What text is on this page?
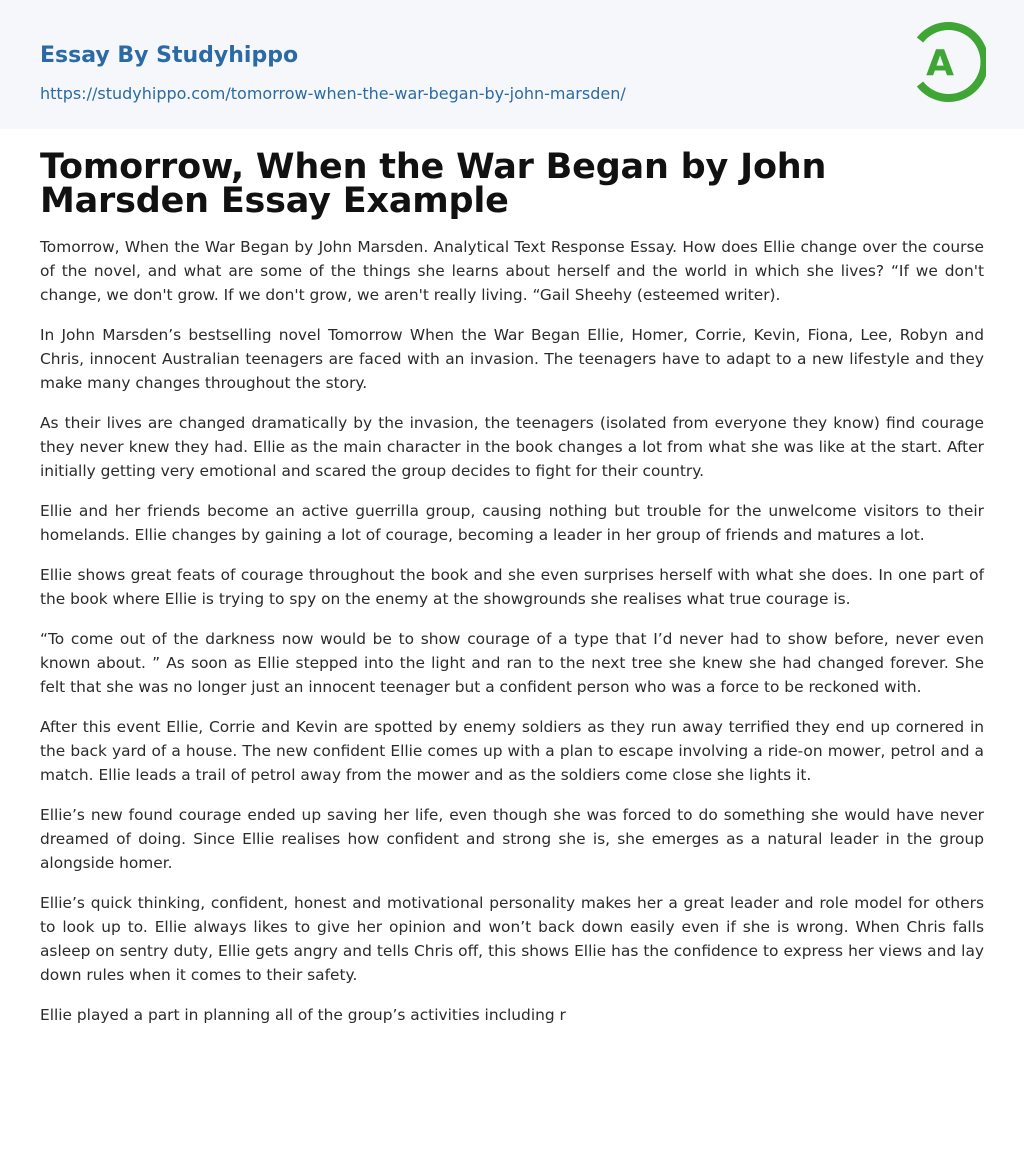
Essay By Studyhippo
https://studyhippo.com/tomorrow-when-the-war-began-by-john-marsden/
A
Tomorrow, When the War Began by John Marsden Essay Example

Tomorrow, When the War Began by John Marsden. Analytical Text Response Essay. How does Ellie change over the course of the novel, and what are some of the things she learns about herself and the world in which she lives? “If we don't change, we don't grow. If we don't grow, we aren't really living. “Gail Sheehy (esteemed writer).

In John Marsden’s bestselling novel Tomorrow When the War Began Ellie, Homer, Corrie, Kevin, Fiona, Lee, Robyn and Chris, innocent Australian teenagers are faced with an invasion. The teenagers have to adapt to a new lifestyle and they make many changes throughout the story.

As their lives are changed dramatically by the invasion, the teenagers (isolated from everyone they know) find courage they never knew they had. Ellie as the main character in the book changes a lot from what she was like at the start. After initially getting very emotional and scared the group decides to fight for their country.

Ellie and her friends become an active guerrilla group, causing nothing but trouble for the unwelcome visitors to their homelands. Ellie changes by gaining a lot of courage, becoming a leader in her group of friends and matures a lot.

Ellie shows great feats of courage throughout the book and she even surprises herself with what she does. In one part of the book where Ellie is trying to spy on the enemy at the showgrounds she realises what true courage is.

“To come out of the darkness now would be to show courage of a type that I’d never had to show before, never even known about. ” As soon as Ellie stepped into the light and ran to the next tree she knew she had changed forever. She felt that she was no longer just an innocent teenager but a confident person who was a force to be reckoned with.

After this event Ellie, Corrie and Kevin are spotted by enemy soldiers as they run away terrified they end up cornered in the back yard of a house. The new confident Ellie comes up with a plan to escape involving a ride-on mower, petrol and a match. Ellie leads a trail of petrol away from the mower and as the soldiers come close she lights it.

Ellie’s new found courage ended up saving her life, even though she was forced to do something she would have never dreamed of doing. Since Ellie realises how confident and strong she is, she emerges as a natural leader in the group alongside homer.

Ellie’s quick thinking, confident, honest and motivational personality makes her a great leader and role model for others to look up to. Ellie always likes to give her opinion and won’t back down easily even if she is wrong. When Chris falls asleep on sentry duty, Ellie gets angry and tells Chris off, this shows Ellie has the confidence to express her views and lay down rules when it comes to their safety.

Ellie played a part in planning all of the group’s activities including r
